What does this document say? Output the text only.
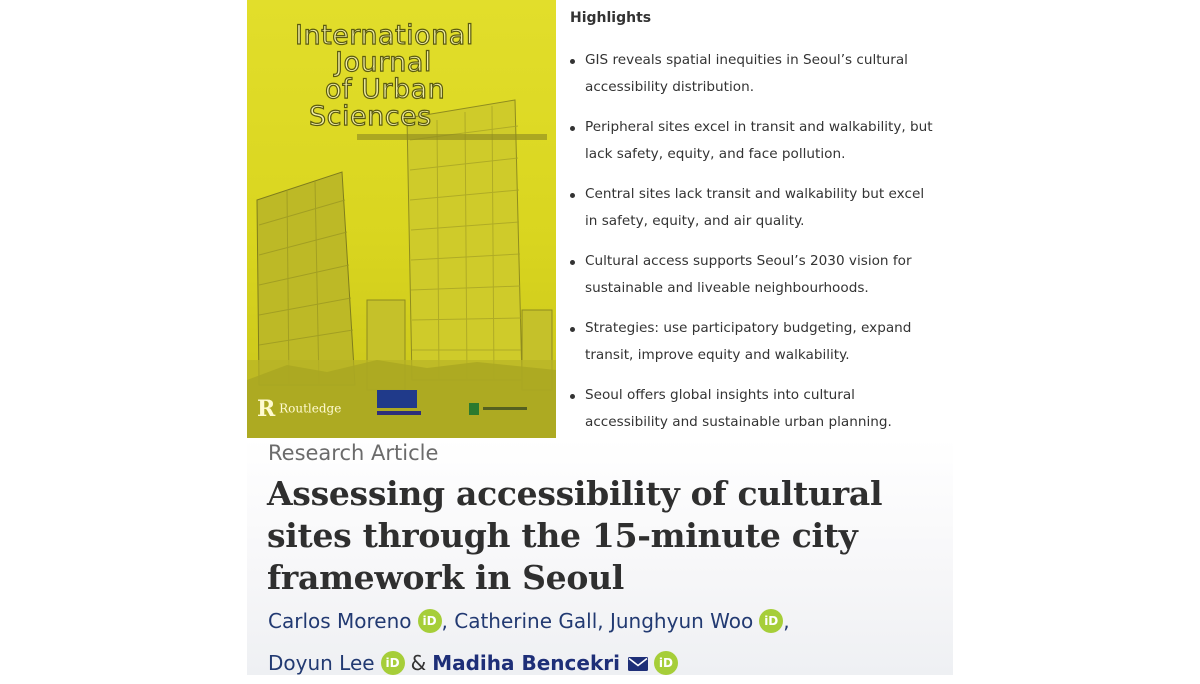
International
Journal
of Urban
Sciences
R Routledge
Highlights
GIS reveals spatial inequities in Seoul’s cultural accessibility distribution.
Peripheral sites excel in transit and walkability, but lack safety, equity, and face pollution.
Central sites lack transit and walkability but excel in safety, equity, and air quality.
Cultural access supports Seoul’s 2030 vision for sustainable and liveable neighbourhoods.
Strategies: use participatory budgeting, expand transit, improve equity and walkability.
Seoul offers global insights into cultural accessibility and sustainable urban planning.
Research Article
Assessing accessibility of cultural sites through the 15-minute city framework in Seoul
Carlos Moreno iD , Catherine Gall, Junghyun Woo iD ,
Doyun Lee iD & Madiha Bencekri	iD
